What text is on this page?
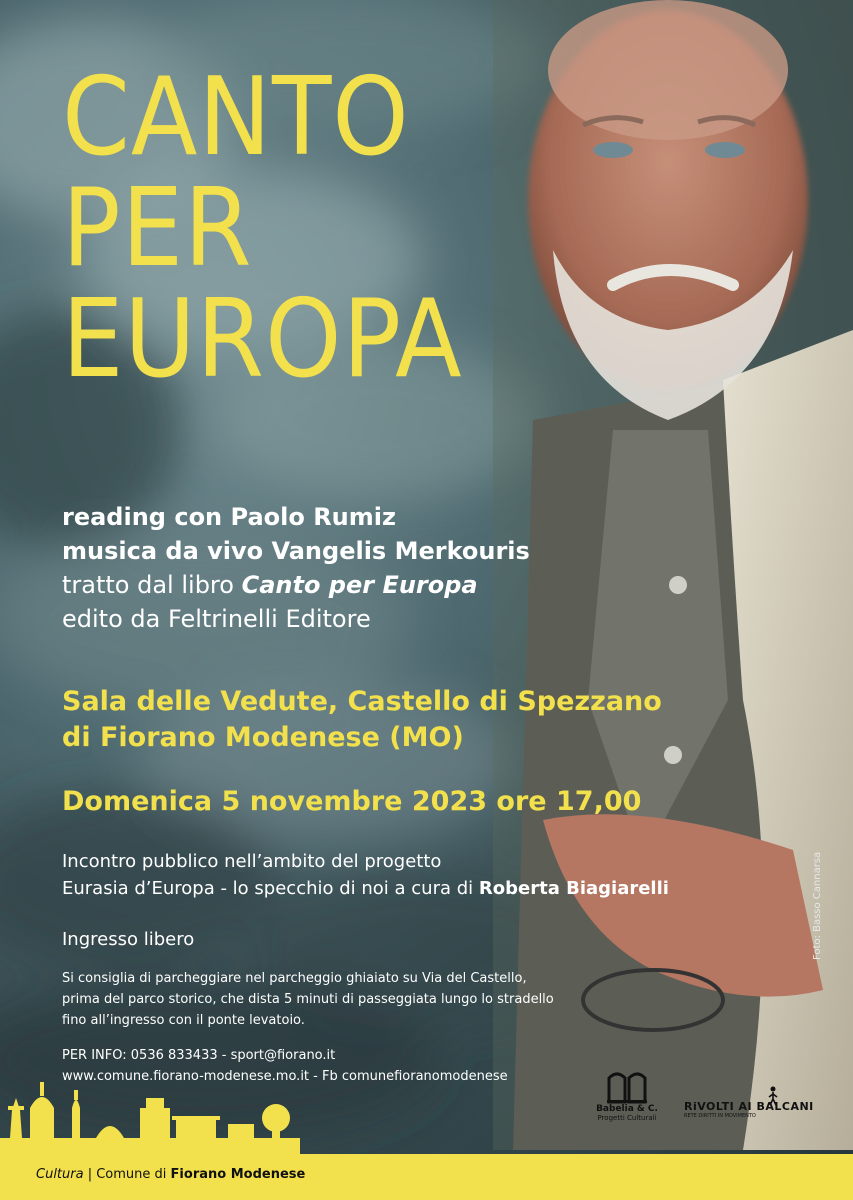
CANTO
PER
EUROPA
reading con Paolo Rumiz
musica da vivo Vangelis Merkouris
tratto dal libro Canto per Europa
edito da Feltrinelli Editore
Sala delle Vedute, Castello di Spezzano
di Fiorano Modenese (MO)
Domenica 5 novembre 2023 ore 17,00
Incontro pubblico nell’ambito del progetto
Eurasia d’Europa - lo specchio di noi a cura di Roberta Biagiarelli
Ingresso libero
Si consiglia di parcheggiare nel parcheggio ghiaiato su Via del Castello,
prima del parco storico, che dista 5 minuti di passeggiata lungo lo stradello
fino all’ingresso con il ponte levatoio.
PER INFO: 0536 833433 - sport@fiorano.it
www.comune.fiorano-modenese.mo.it - Fb comunefioranomodenese
Foto: Basso Cannarsa
Babelia & C.
Progetti Culturali
RiVOLTI AI BALCANI
RETE DIRITTI IN MOVIMENTO
Cultura | Comune di Fiorano Modenese
